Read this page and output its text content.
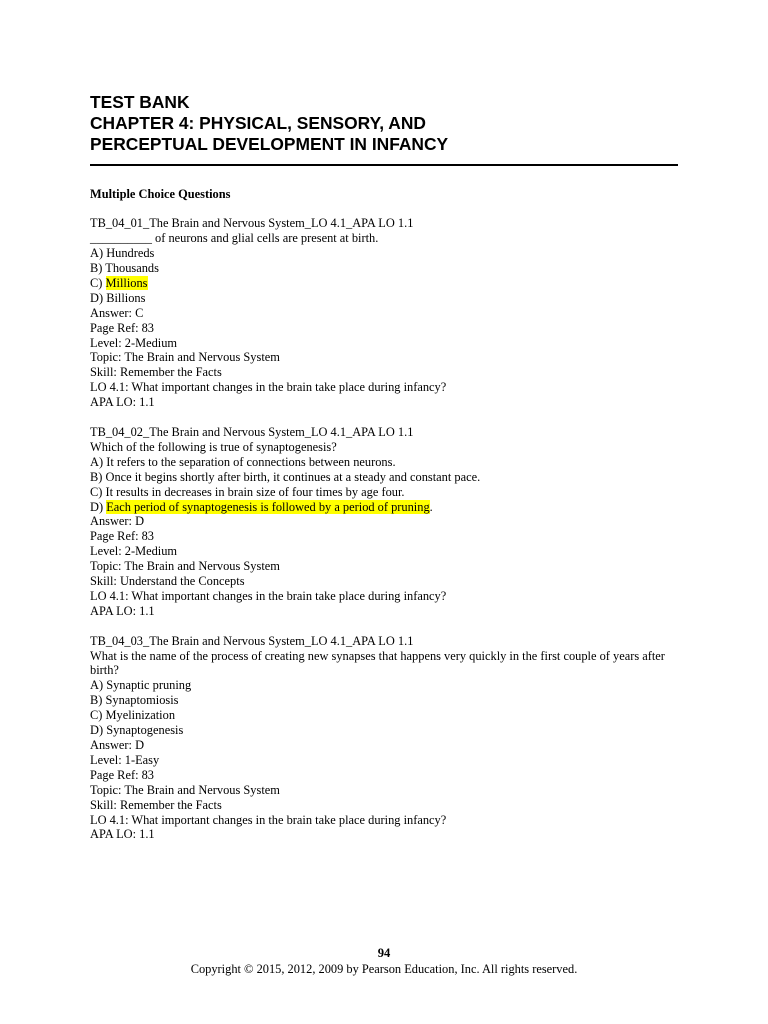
TEST BANK
CHAPTER 4: PHYSICAL, SENSORY, AND
PERCEPTUAL DEVELOPMENT IN INFANCY
Multiple Choice Questions
TB_04_01_The Brain and Nervous System_LO 4.1_APA LO 1.1
__________ of neurons and glial cells are present at birth.
A) Hundreds
B) Thousands
C) Millions
D) Billions
Answer: C
Page Ref: 83
Level: 2-Medium
Topic: The Brain and Nervous System
Skill: Remember the Facts
LO 4.1: What important changes in the brain take place during infancy?
APA LO: 1.1
TB_04_02_The Brain and Nervous System_LO 4.1_APA LO 1.1
Which of the following is true of synaptogenesis?
A) It refers to the separation of connections between neurons.
B) Once it begins shortly after birth, it continues at a steady and constant pace.
C) It results in decreases in brain size of four times by age four.
D) Each period of synaptogenesis is followed by a period of pruning.
Answer: D
Page Ref: 83
Level: 2-Medium
Topic: The Brain and Nervous System
Skill: Understand the Concepts
LO 4.1: What important changes in the brain take place during infancy?
APA LO: 1.1
TB_04_03_The Brain and Nervous System_LO 4.1_APA LO 1.1
What is the name of the process of creating new synapses that happens very quickly in the first couple of years after birth?
A) Synaptic pruning
B) Synaptomiosis
C) Myelinization
D) Synaptogenesis
Answer: D
Level: 1-Easy
Page Ref: 83
Topic: The Brain and Nervous System
Skill: Remember the Facts
LO 4.1: What important changes in the brain take place during infancy?
APA LO: 1.1
94
Copyright © 2015, 2012, 2009 by Pearson Education, Inc. All rights reserved.
